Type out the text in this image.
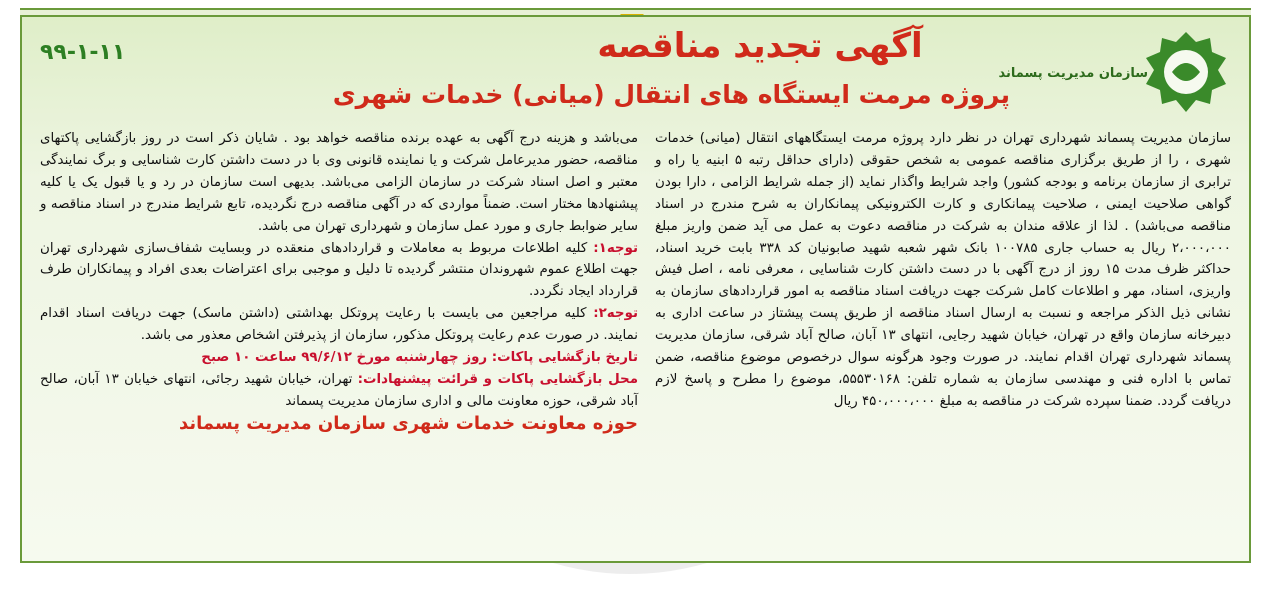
سازمان مدیریت پسماند
۹۹-۱-۱۱	آگهی تجدید مناقصه
پروژه مرمت ایستگاه های انتقال (میانی) خدمات شهری

سازمان مدیریت پسماند شهرداری تهران در نظر دارد پروژه مرمت ایستگاههای انتقال (میانی) خدمات شهری ، را از طریق برگزاری مناقصه عمومی به شخص حقوقی (دارای حداقل رتبه ۵ ابنیه یا راه و ترابری از سازمان برنامه و بودجه کشور) واجد شرایط واگذار نماید (از جمله شرایط الزامی ، دارا بودن گواهی صلاحیت ایمنی ، صلاحیت پیمانکاری و کارت الکترونیکی پیمانکاران به شرح مندرج در اسناد مناقصه می‌باشد) . لذا از علاقه مندان به شرکت در مناقصه دعوت به عمل می آید ضمن واریز مبلغ ۲،۰۰۰،۰۰۰ ریال به حساب جاری ۱۰۰۷۸۵ بانک شهر شعبه شهید صابونیان کد ۳۳۸ بابت خرید اسناد، حداکثر ظرف مدت ۱۵ روز از درج آگهی با در دست داشتن کارت شناسایی ، معرفی نامه ، اصل فیش واریزی، اسناد، مهر و اطلاعات کامل شرکت جهت دریافت اسناد مناقصه به امور قراردادهای سازمان به نشانی ذیل الذکر مراجعه و نسبت به ارسال اسناد مناقصه از طریق پست پیشتاز در ساعت اداری به دبیرخانه سازمان واقع در تهران، خیابان شهید رجایی، انتهای ۱۳ آبان، صالح آباد شرقی، سازمان مدیریت پسماند شهرداری تهران اقدام نمایند. در صورت وجود هرگونه سوال درخصوص موضوع مناقصه، ضمن تماس با اداره فنی و مهندسی سازمان به شماره تلفن: ۵۵۵۳۰۱۶۸، موضوع را مطرح و پاسخ لازم دریافت گردد. ضمنا سپرده شرکت در مناقصه به مبلغ ۴۵۰،۰۰۰،۰۰۰ ریال

می‌باشد و هزینه درج آگهی به عهده برنده مناقصه خواهد بود . شایان ذکر است در روز بازگشایی پاکتهای مناقصه، حضور مدیرعامل شرکت و یا نماینده قانونی وی با در دست داشتن کارت شناسایی و برگ نمایندگی معتبر و اصل اسناد شرکت در سازمان الزامی می‌باشد. بدیهی است سازمان در رد و یا قبول یک یا کلیه پیشنهادها مختار است. ضمناً مواردی که در آگهی مناقصه درج نگردیده، تابع شرایط مندرج در اسناد مناقصه و سایر ضوابط جاری و مورد عمل سازمان و شهرداری تهران می باشد.

توجه۱: کلیه اطلاعات مربوط به معاملات و قراردادهای منعقده در وبسایت شفاف‌سازی شهرداری تهران جهت اطلاع عموم شهروندان منتشر گردیده تا دلیل و موجبی برای اعتراضات بعدی افراد و پیمانکاران طرف قرارداد ایجاد نگردد.

توجه۲: کلیه مراجعین می بایست با رعایت پروتکل بهداشتی (داشتن ماسک) جهت دریافت اسناد اقدام نمایند. در صورت عدم رعایت پروتکل مذکور، سازمان از پذیرفتن اشخاص معذور می باشد.

تاریخ بازگشایی پاکات: روز چهارشنبه مورخ ۹۹/۶/۱۲ ساعت ۱۰ صبح

محل بازگشایی پاکات و قرائت پیشنهادات: تهران، خیابان شهید رجائی، انتهای خیابان ۱۳ آبان، صالح آباد شرقی، حوزه معاونت مالی و اداری سازمان مدیریت پسماند

حوزه معاونت خدمات شهری سازمان مدیریت پسماند
